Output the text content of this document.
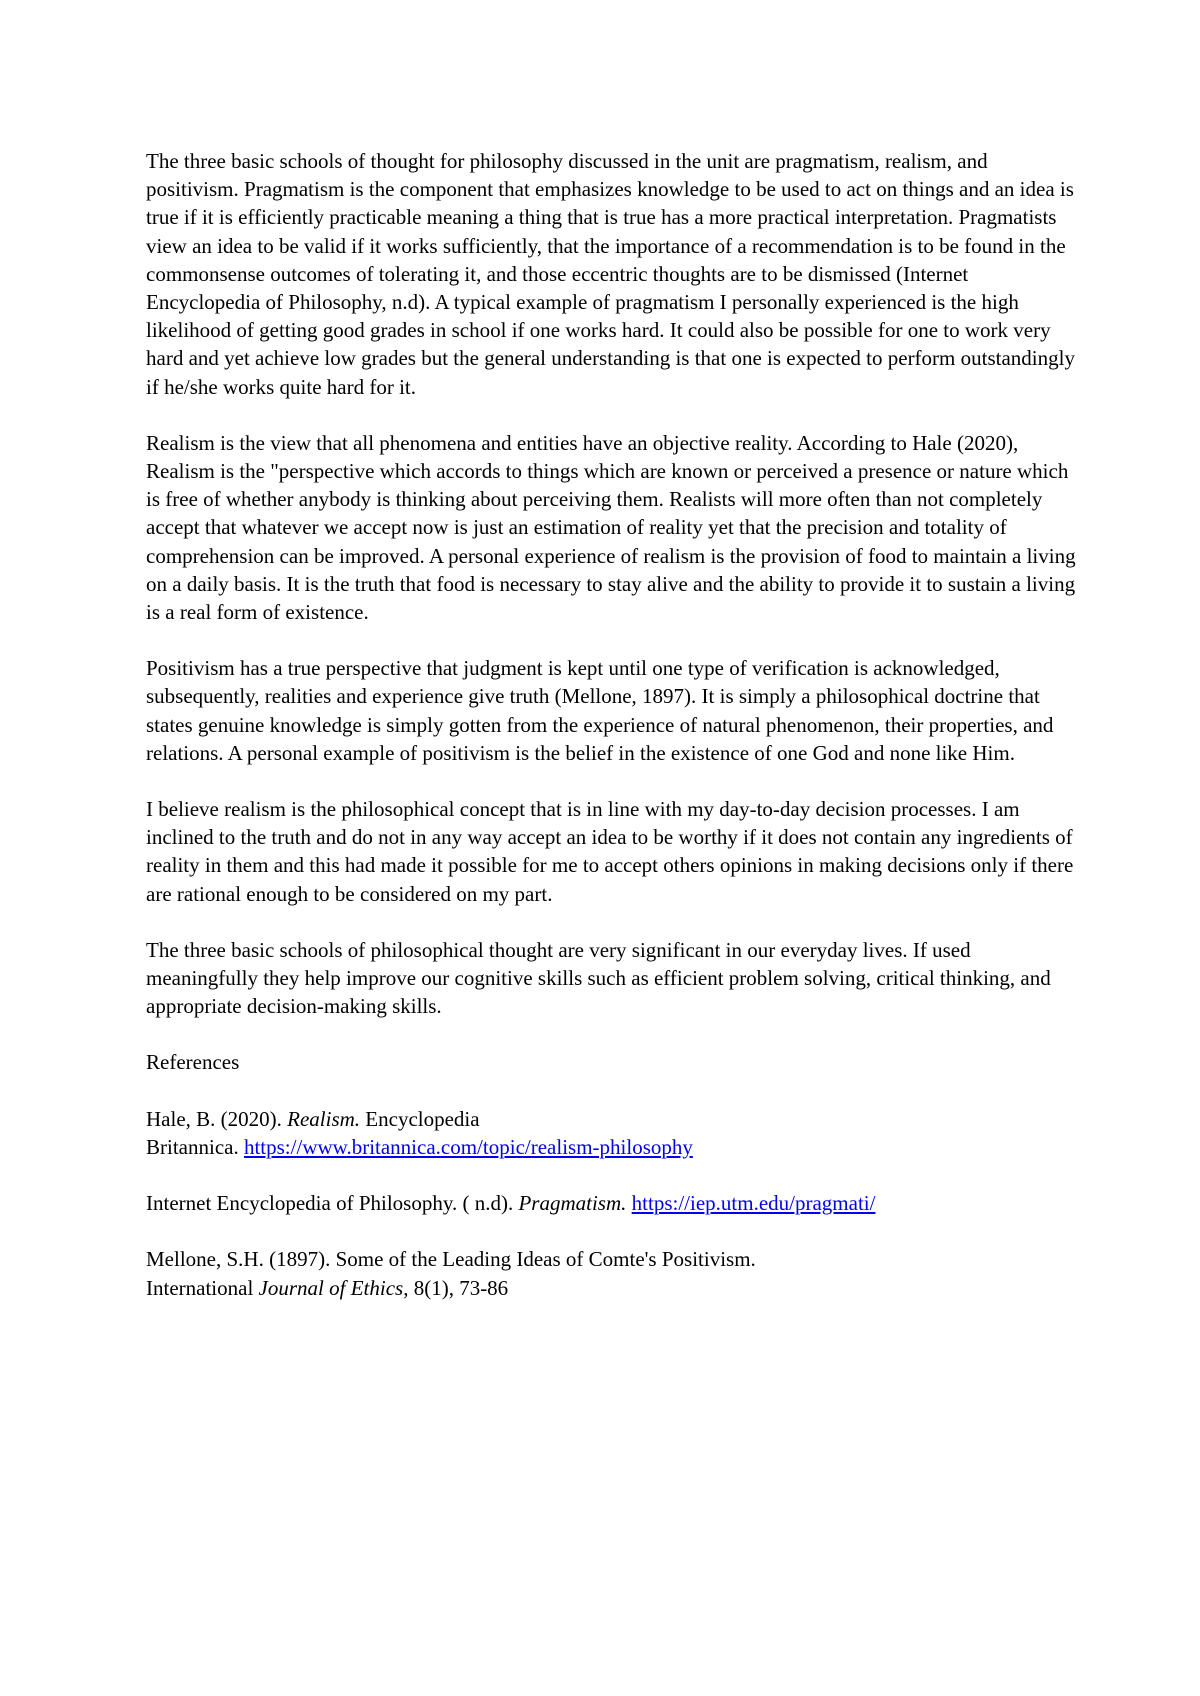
The three basic schools of thought for philosophy discussed in the unit are pragmatism, realism, and positivism. Pragmatism is the component that emphasizes knowledge to be used to act on things and an idea is true if it is efficiently practicable meaning a thing that is true has a more practical interpretation. Pragmatists view an idea to be valid if it works sufficiently, that the importance of a recommendation is to be found in the commonsense outcomes of tolerating it, and those eccentric thoughts are to be dismissed (Internet Encyclopedia of Philosophy, n.d). A typical example of pragmatism I personally experienced is the high likelihood of getting good grades in school if one works hard. It could also be possible for one to work very hard and yet achieve low grades but the general understanding is that one is expected to perform outstandingly if he/she works quite hard for it.

Realism is the view that all phenomena and entities have an objective reality. According to Hale (2020), Realism is the "perspective which accords to things which are known or perceived a presence or nature which is free of whether anybody is thinking about perceiving them. Realists will more often than not completely accept that whatever we accept now is just an estimation of reality yet that the precision and totality of comprehension can be improved. A personal experience of realism is the provision of food to maintain a living on a daily basis. It is the truth that food is necessary to stay alive and the ability to provide it to sustain a living is a real form of existence.

Positivism has a true perspective that judgment is kept until one type of verification is acknowledged, subsequently, realities and experience give truth (Mellone, 1897). It is simply a philosophical doctrine that states genuine knowledge is simply gotten from the experience of natural phenomenon, their properties, and relations. A personal example of positivism is the belief in the existence of one God and none like Him.

I believe realism is the philosophical concept that is in line with my day-to-day decision processes. I am inclined to the truth and do not in any way accept an idea to be worthy if it does not contain any ingredients of reality in them and this had made it possible for me to accept others opinions in making decisions only if there are rational enough to be considered on my part.

The three basic schools of philosophical thought are very significant in our everyday lives. If used meaningfully they help improve our cognitive skills such as efficient problem solving, critical thinking, and appropriate decision-making skills.

References

Hale, B. (2020). Realism. Encyclopedia
Britannica. https://www.britannica.com/topic/realism-philosophy

Internet Encyclopedia of Philosophy. ( n.d). Pragmatism. https://iep.utm.edu/pragmati/

Mellone, S.H. (1897). Some of the Leading Ideas of Comte's Positivism.
International Journal of Ethics, 8(1), 73-86
